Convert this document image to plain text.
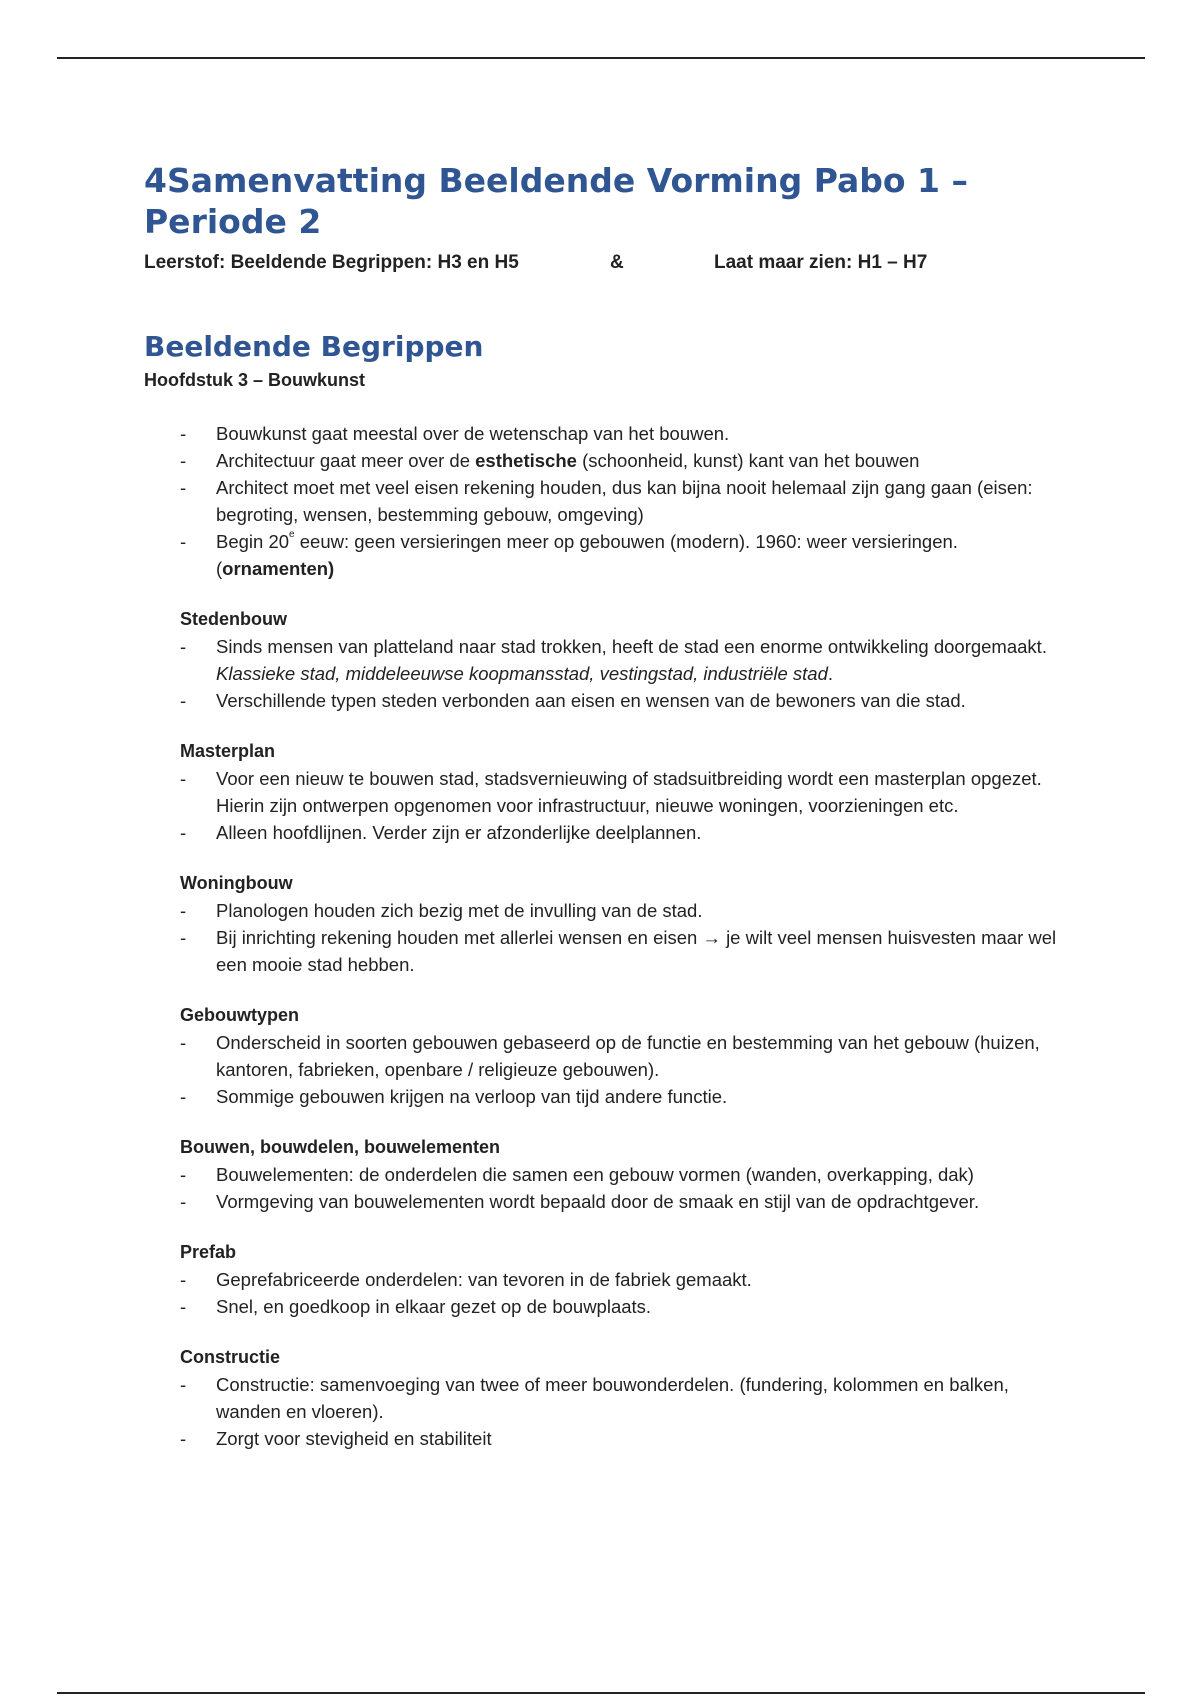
4Samenvatting Beeldende Vorming Pabo 1 – Periode 2
Leerstof: Beeldende Begrippen: H3 en H5	&	Laat maar zien: H1 – H7
Beeldende Begrippen
Hoofdstuk 3 – Bouwkunst
-	Bouwkunst gaat meestal over de wetenschap van het bouwen.
-	Architectuur gaat meer over de esthetische (schoonheid, kunst) kant van het bouwen
-	Architect moet met veel eisen rekening houden, dus kan bijna nooit helemaal zijn gang gaan (eisen: begroting, wensen, bestemming gebouw, omgeving)
-	Begin 20e eeuw: geen versieringen meer op gebouwen (modern). 1960: weer versieringen. (ornamenten)
Stedenbouw
-	Sinds mensen van platteland naar stad trokken, heeft de stad een enorme ontwikkeling doorgemaakt. Klassieke stad, middeleeuwse koopmansstad, vestingstad, industriële stad.
-	Verschillende typen steden verbonden aan eisen en wensen van de bewoners van die stad.
Masterplan
-	Voor een nieuw te bouwen stad, stadsvernieuwing of stadsuitbreiding wordt een masterplan opgezet. Hierin zijn ontwerpen opgenomen voor infrastructuur, nieuwe woningen, voorzieningen etc.
-	Alleen hoofdlijnen. Verder zijn er afzonderlijke deelplannen.
Woningbouw
-	Planologen houden zich bezig met de invulling van de stad.
-	Bij inrichting rekening houden met allerlei wensen en eisen → je wilt veel mensen huisvesten maar wel een mooie stad hebben.
Gebouwtypen
-	Onderscheid in soorten gebouwen gebaseerd op de functie en bestemming van het gebouw (huizen, kantoren, fabrieken, openbare / religieuze gebouwen).
-	Sommige gebouwen krijgen na verloop van tijd andere functie.
Bouwen, bouwdelen, bouwelementen
-	Bouwelementen: de onderdelen die samen een gebouw vormen (wanden, overkapping, dak)
-	Vormgeving van bouwelementen wordt bepaald door de smaak en stijl van de opdrachtgever.
Prefab
-	Geprefabriceerde onderdelen: van tevoren in de fabriek gemaakt.
-	Snel, en goedkoop in elkaar gezet op de bouwplaats.
Constructie
-	Constructie: samenvoeging van twee of meer bouwonderdelen. (fundering, kolommen en balken, wanden en vloeren).
-	Zorgt voor stevigheid en stabiliteit
